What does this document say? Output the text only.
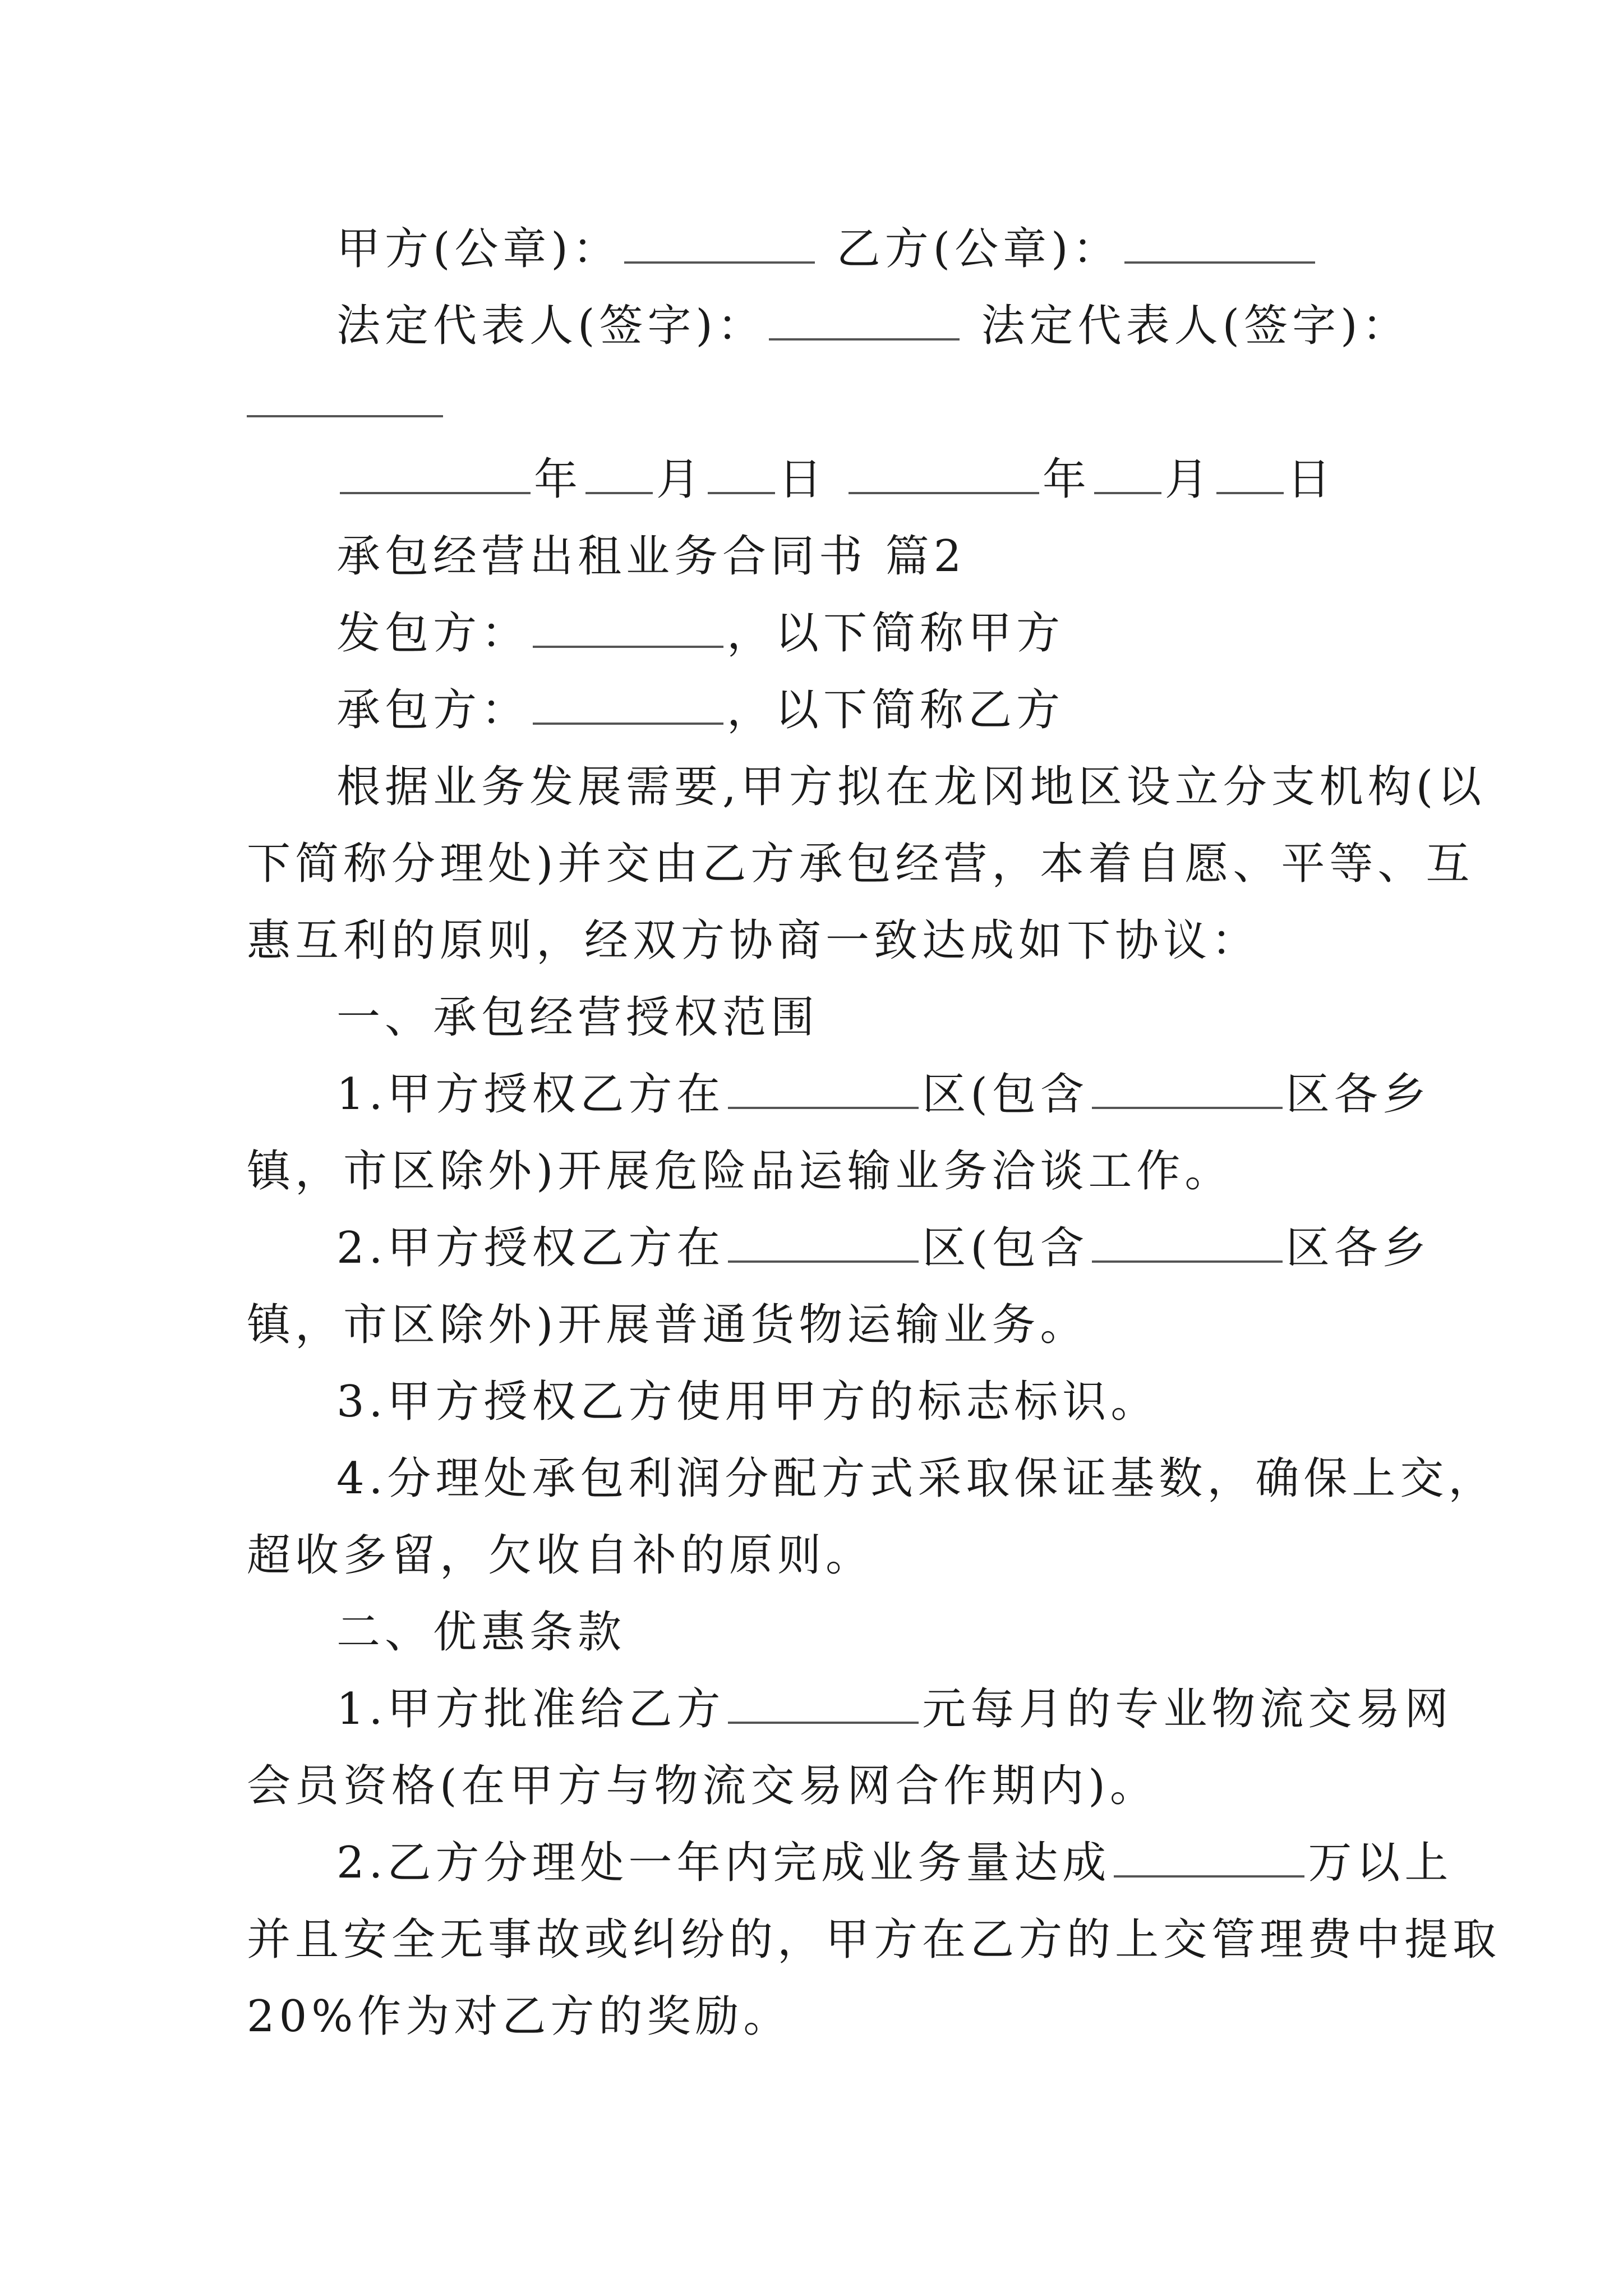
甲方(公章)：	乙方(公章)：
法定代表人(签字)：	法定代表人(签字)：
年 月 日	年 月 日
承包经营出租业务合同书 篇2
发包方：	，以下简称甲方
承包方：	，以下简称乙方
根据业务发展需要,甲方拟在龙冈地区设立分支机构(以
下简称分理处)并交由乙方承包经营，本着自愿、平等、互
惠互利的原则，经双方协商一致达成如下协议：
一、承包经营授权范围
1.甲方授权乙方在	区(包含	区各乡
镇，市区除外)开展危险品运输业务洽谈工作。
2.甲方授权乙方在	区(包含	区各乡
镇，市区除外)开展普通货物运输业务。
3.甲方授权乙方使用甲方的标志标识。
4.分理处承包利润分配方式采取保证基数，确保上交，
超收多留，欠收自补的原则。
二、优惠条款
1.甲方批准给乙方	元每月的专业物流交易网
会员资格(在甲方与物流交易网合作期内)。
2.乙方分理处一年内完成业务量达成	万以上
并且安全无事故或纠纷的，甲方在乙方的上交管理费中提取
20%作为对乙方的奖励。
